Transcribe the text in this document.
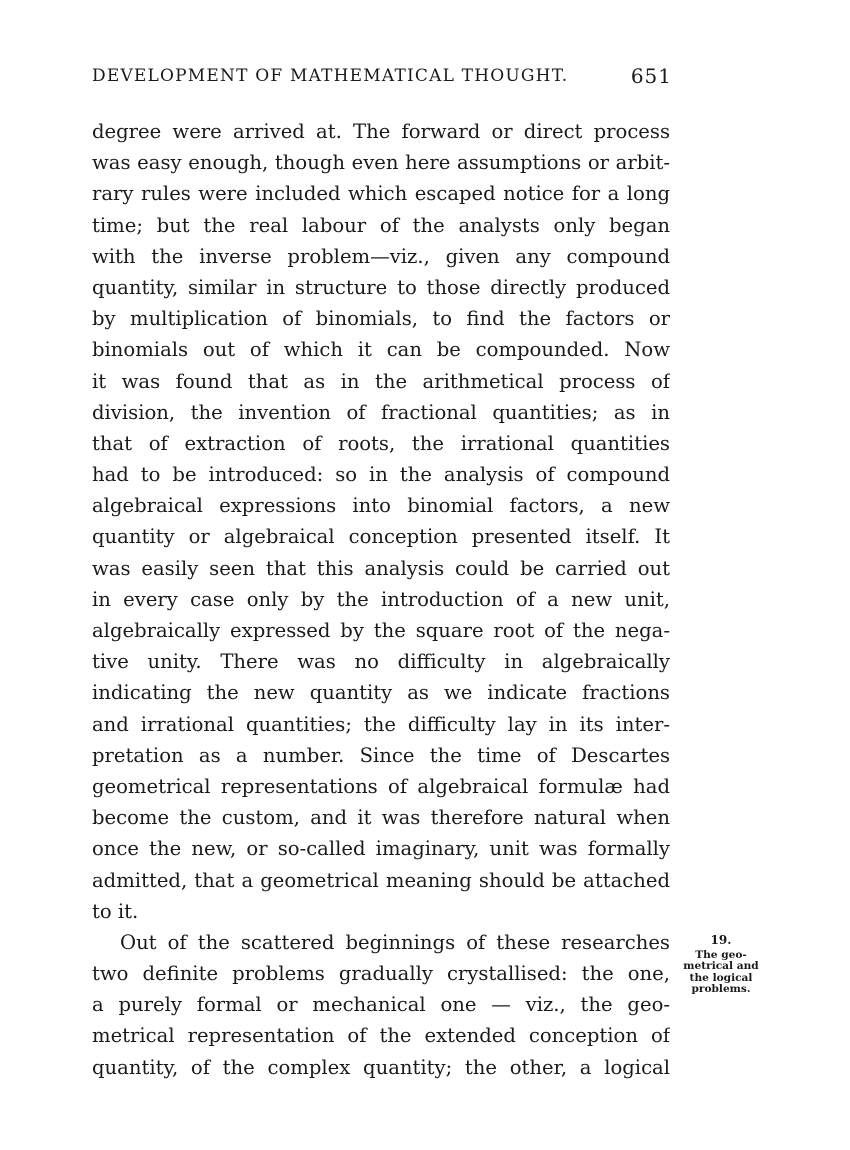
DEVELOPMENT OF MATHEMATICAL THOUGHT.	651
degree were arrived at. The forward or direct process
was easy enough, though even here assumptions or arbit-
rary rules were included which escaped notice for a long
time; but the real labour of the analysts only began
with the inverse problem—viz., given any compound
quantity, similar in structure to those directly produced
by multiplication of binomials, to find the factors or
binomials out of which it can be compounded. Now
it was found that as in the arithmetical process of
division, the invention of fractional quantities; as in
that of extraction of roots, the irrational quantities
had to be introduced: so in the analysis of compound
algebraical expressions into binomial factors, a new
quantity or algebraical conception presented itself. It
was easily seen that this analysis could be carried out
in every case only by the introduction of a new unit,
algebraically expressed by the square root of the nega-
tive unity. There was no difficulty in algebraically
indicating the new quantity as we indicate fractions
and irrational quantities; the difficulty lay in its inter-
pretation as a number. Since the time of Descartes
geometrical representations of algebraical formulæ had
become the custom, and it was therefore natural when
once the new, or so-called imaginary, unit was formally
admitted, that a geometrical meaning should be attached
to it.
Out of the scattered beginnings of these researches
two definite problems gradually crystallised: the one,
a purely formal or mechanical one — viz., the geo-
metrical representation of the extended conception of
quantity, of the complex quantity; the other, a logical
19.
The geo-
metrical and
the logical
problems.
